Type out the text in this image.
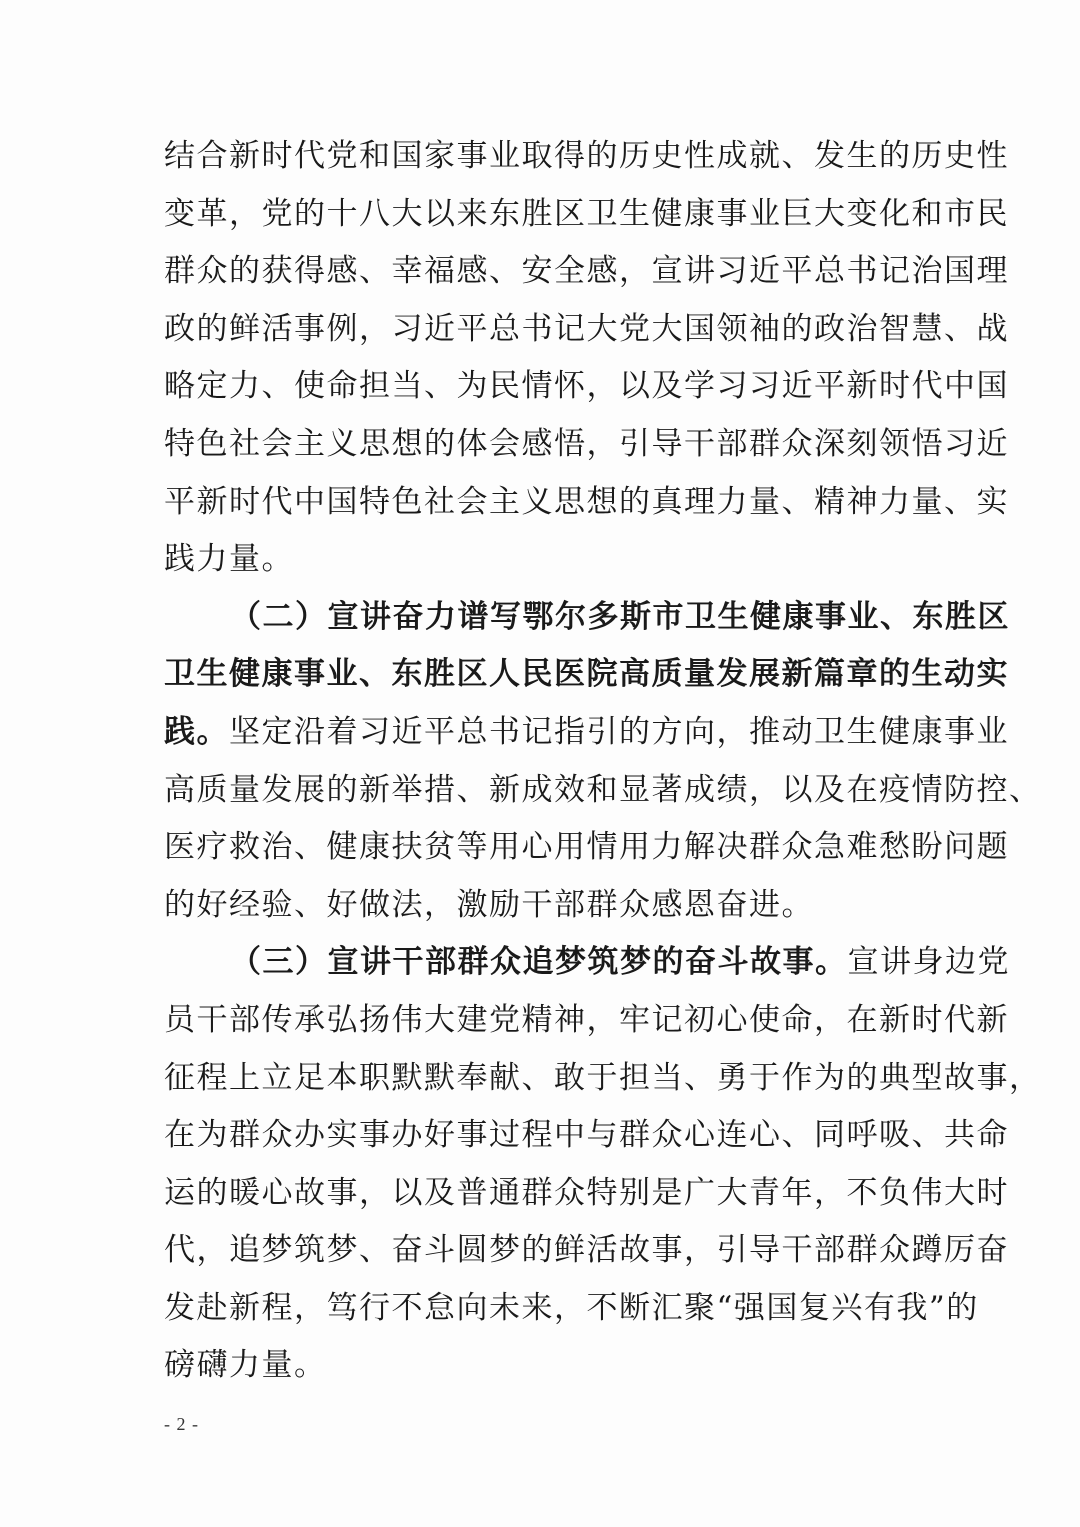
结合新时代党和国家事业取得的历史性成就、发生的历史性
变革，党的十八大以来东胜区卫生健康事业巨大变化和市民
群众的获得感、幸福感、安全感，宣讲习近平总书记治国理
政的鲜活事例，习近平总书记大党大国领袖的政治智慧、战
略定力、使命担当、为民情怀，以及学习习近平新时代中国
特色社会主义思想的体会感悟，引导干部群众深刻领悟习近
平新时代中国特色社会主义思想的真理力量、精神力量、实
践力量。
（二）宣讲奋力谱写鄂尔多斯市卫生健康事业、东胜区
卫生健康事业、东胜区人民医院高质量发展新篇章的生动实
践。坚定沿着习近平总书记指引的方向，推动卫生健康事业
高质量发展的新举措、新成效和显著成绩，以及在疫情防控、
医疗救治、健康扶贫等用心用情用力解决群众急难愁盼问题
的好经验、好做法，激励干部群众感恩奋进。
（三）宣讲干部群众追梦筑梦的奋斗故事。宣讲身边党
员干部传承弘扬伟大建党精神，牢记初心使命，在新时代新
征程上立足本职默默奉献、敢于担当、勇于作为的典型故事，
在为群众办实事办好事过程中与群众心连心、同呼吸、共命
运的暖心故事，以及普通群众特别是广大青年，不负伟大时
代，追梦筑梦、奋斗圆梦的鲜活故事，引导干部群众蹲厉奋
发赴新程，笃行不怠向未来，不断汇聚“强国复兴有我”的
磅礴力量。
- 2 -
